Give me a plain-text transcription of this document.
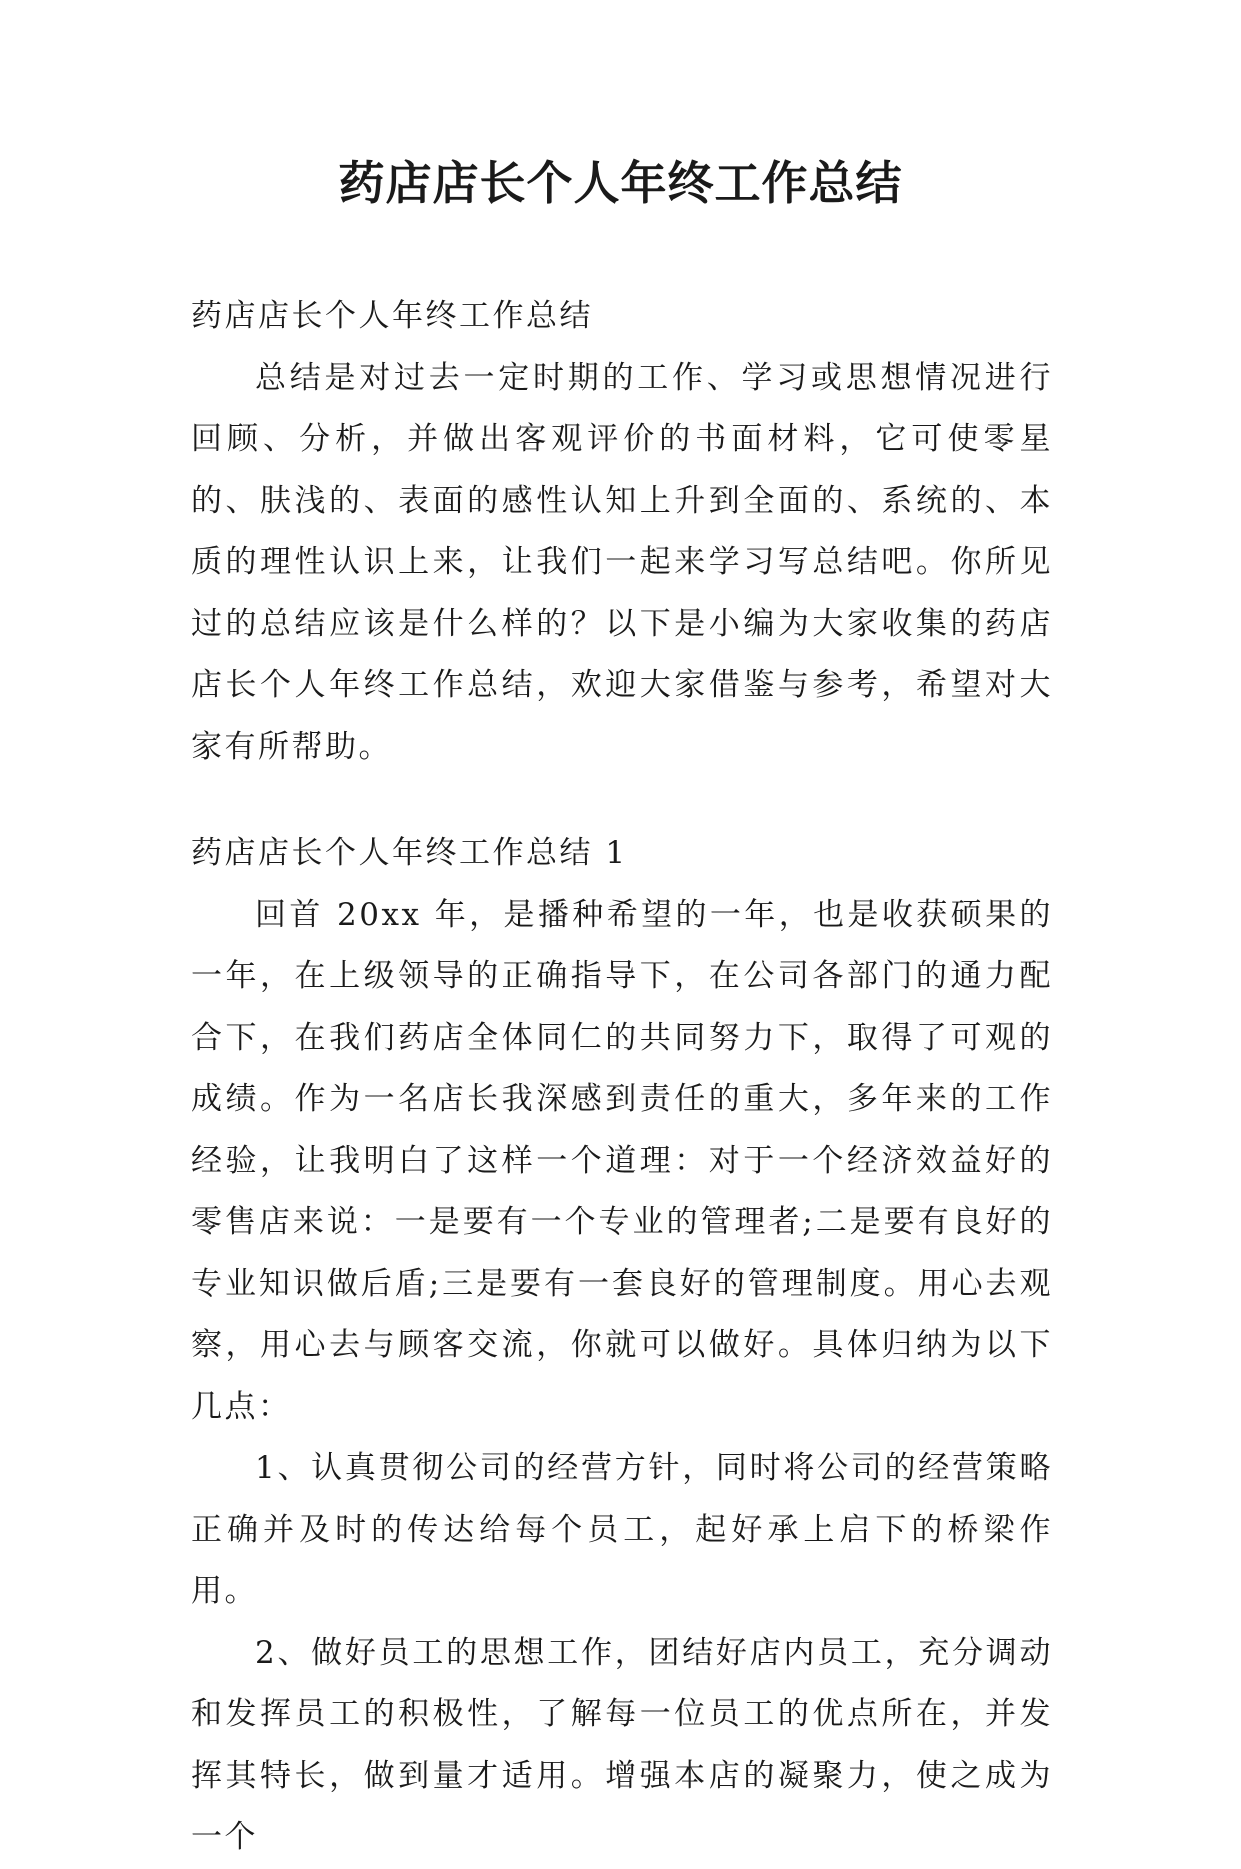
药店店长个人年终工作总结

药店店长个人年终工作总结

总结是对过去一定时期的工作、学习或思想情况进行回顾、分析，并做出客观评价的书面材料，它可使零星的、肤浅的、表面的感性认知上升到全面的、系统的、本质的理性认识上来，让我们一起来学习写总结吧。你所见过的总结应该是什么样的？以下是小编为大家收集的药店店长个人年终工作总结，欢迎大家借鉴与参考，希望对大家有所帮助。

药店店长个人年终工作总结 1

回首 20xx 年，是播种希望的一年，也是收获硕果的一年，在上级领导的正确指导下，在公司各部门的通力配合下，在我们药店全体同仁的共同努力下，取得了可观的成绩。作为一名店长我深感到责任的重大，多年来的工作经验，让我明白了这样一个道理：对于一个经济效益好的零售店来说：一是要有一个专业的管理者;二是要有良好的专业知识做后盾;三是要有一套良好的管理制度。用心去观察，用心去与顾客交流，你就可以做好。具体归纳为以下几点：

1、认真贯彻公司的经营方针，同时将公司的经营策略正确并及时的传达给每个员工，起好承上启下的桥梁作用。

2、做好员工的思想工作，团结好店内员工，充分调动和发挥员工的积极性，了解每一位员工的优点所在，并发挥其特长，做到量才适用。增强本店的凝聚力，使之成为一个
